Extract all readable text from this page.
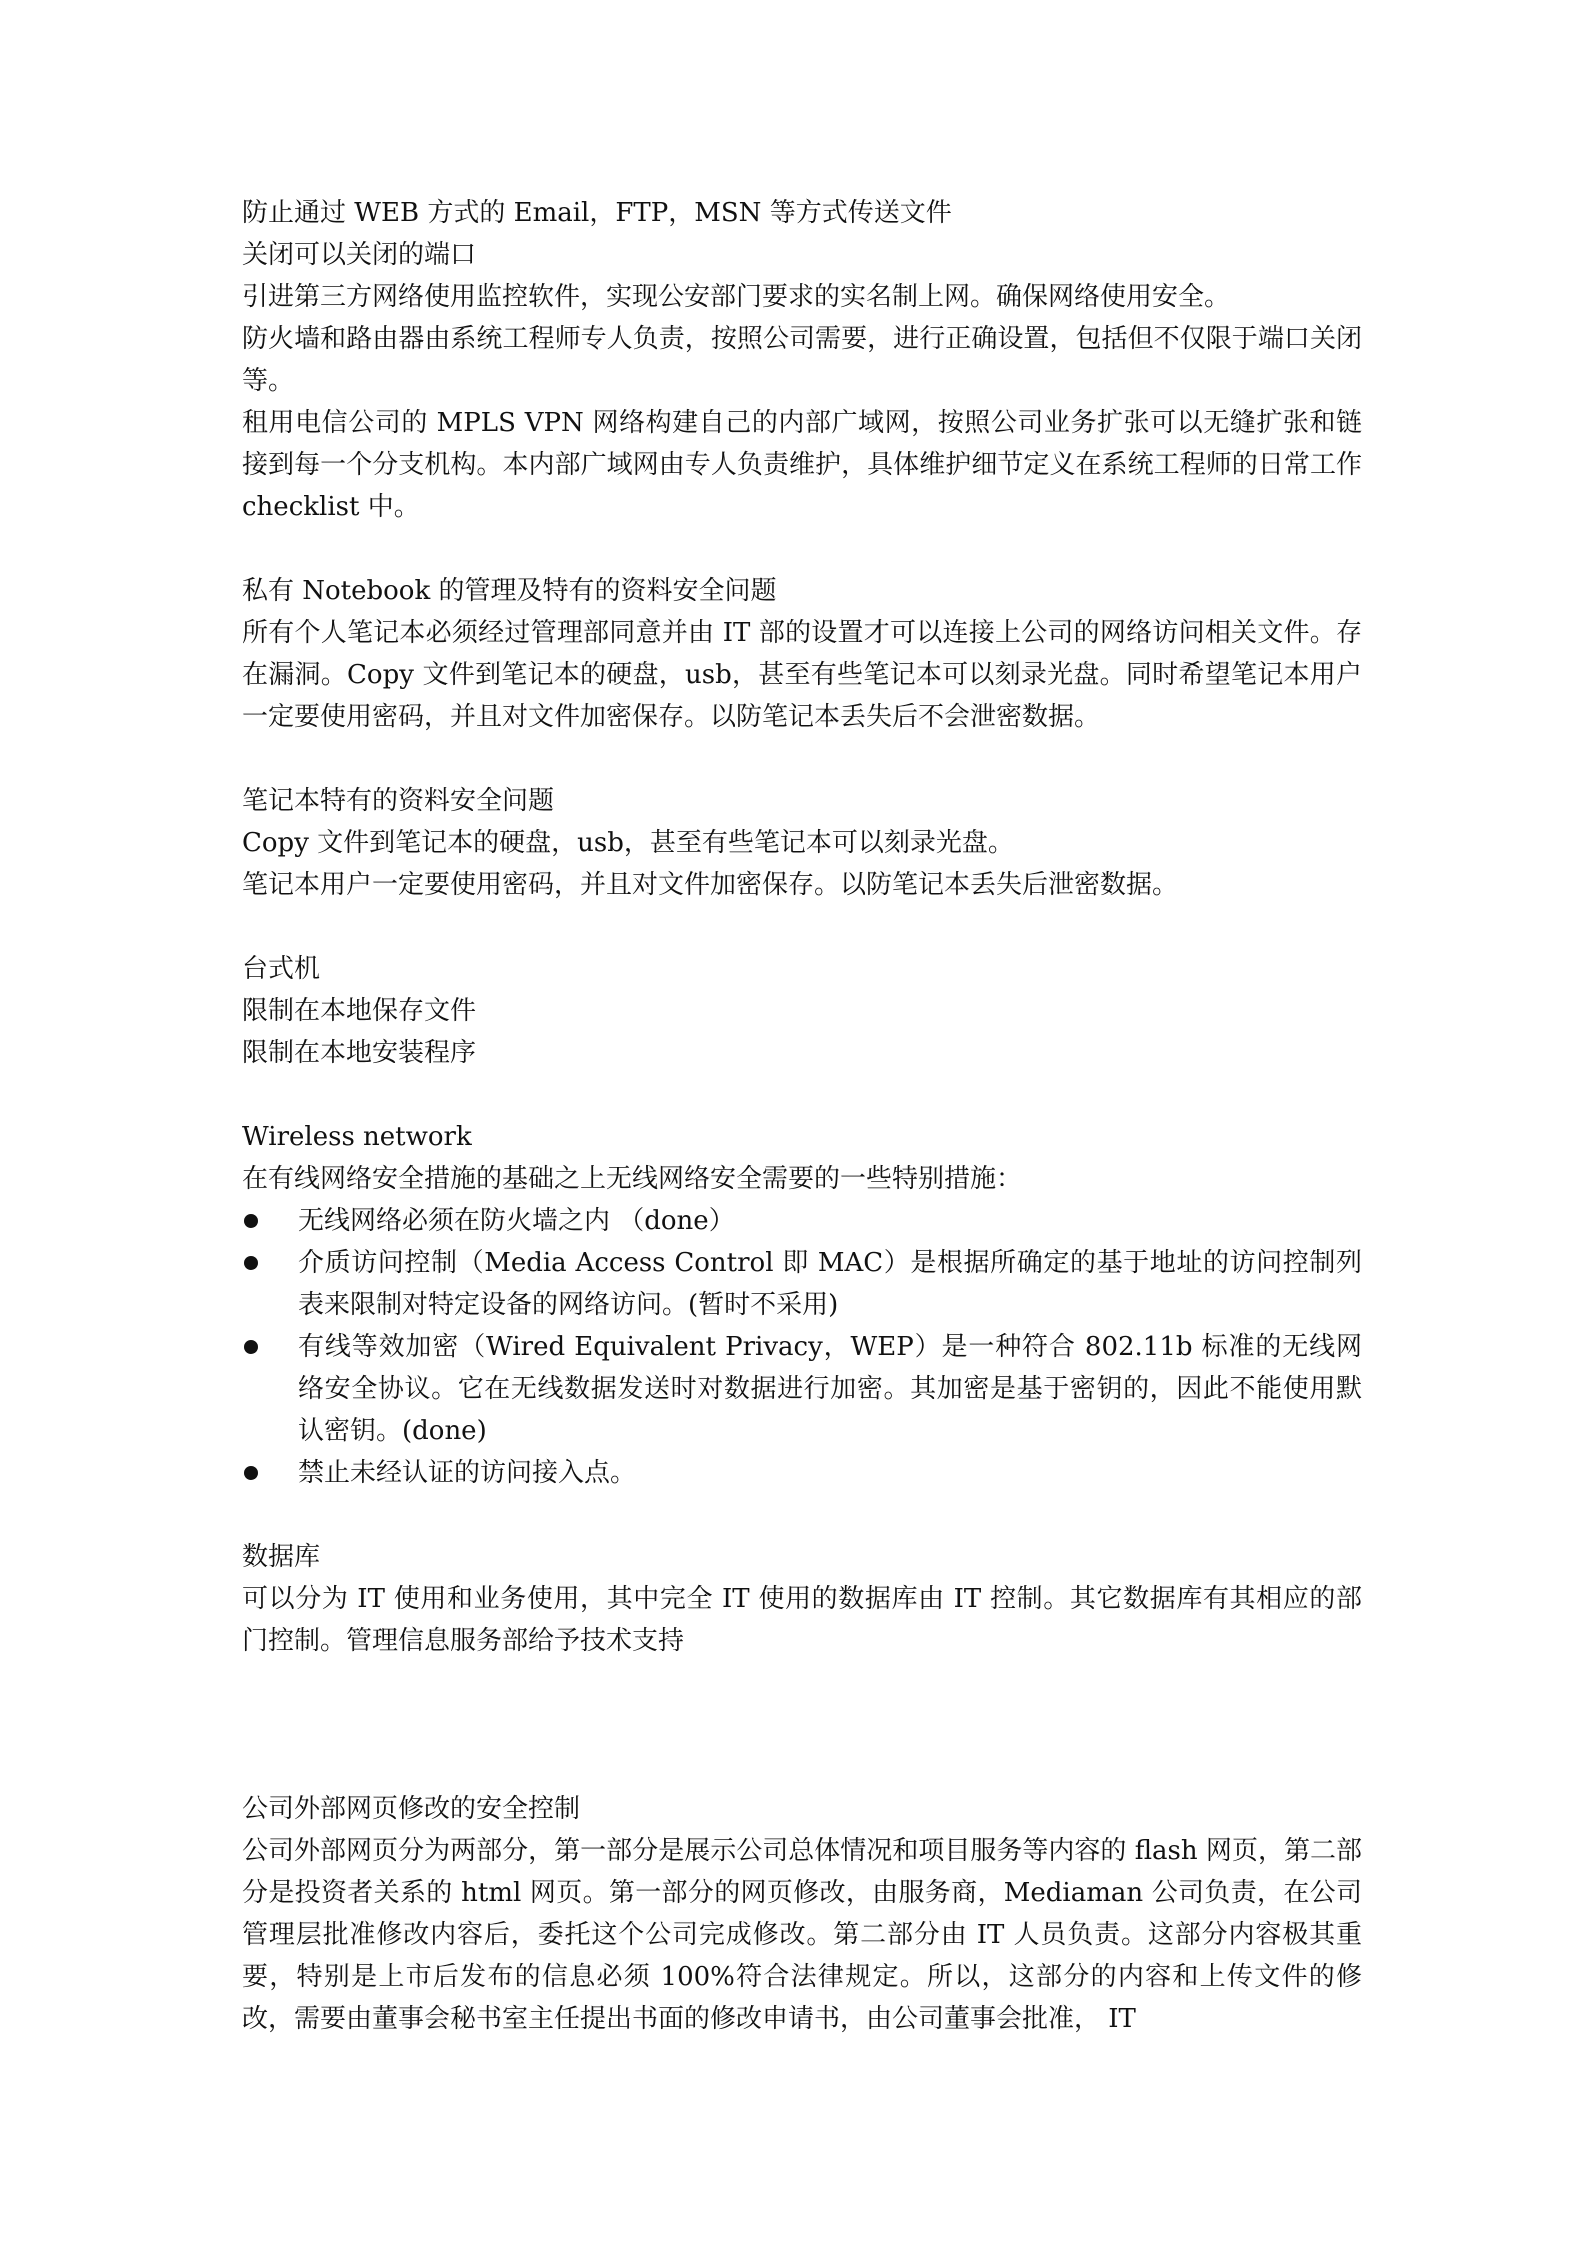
防止通过 WEB 方式的 Email，FTP，MSN 等方式传送文件

关闭可以关闭的端口

引进第三方网络使用监控软件，实现公安部门要求的实名制上网。确保网络使用安全。

防火墙和路由器由系统工程师专人负责，按照公司需要，进行正确设置，包括但不仅限于端口关闭等。

租用电信公司的 MPLS VPN 网络构建自己的内部广域网，按照公司业务扩张可以无缝扩张和链接到每一个分支机构。本内部广域网由专人负责维护，具体维护细节定义在系统工程师的日常工作 checklist 中。

私有 Notebook 的管理及特有的资料安全问题

所有个人笔记本必须经过管理部同意并由 IT 部的设置才可以连接上公司的网络访问相关文件。存在漏洞。Copy 文件到笔记本的硬盘，usb，甚至有些笔记本可以刻录光盘。同时希望笔记本用户一定要使用密码，并且对文件加密保存。以防笔记本丢失后不会泄密数据。

笔记本特有的资料安全问题

Copy 文件到笔记本的硬盘，usb，甚至有些笔记本可以刻录光盘。

笔记本用户一定要使用密码，并且对文件加密保存。以防笔记本丢失后泄密数据。

台式机

限制在本地保存文件

限制在本地安装程序

Wireless network

在有线网络安全措施的基础之上无线网络安全需要的一些特别措施：

无线网络必须在防火墙之内 （done）
介质访问控制（Media Access Control 即 MAC）是根据所确定的基于地址的访问控制列表来限制对特定设备的网络访问。(暂时不采用)
有线等效加密（Wired Equivalent Privacy，WEP）是一种符合 802.11b 标准的无线网络安全协议。它在无线数据发送时对数据进行加密。其加密是基于密钥的，因此不能使用默认密钥。(done)
禁止未经认证的访问接入点。

数据库

可以分为 IT 使用和业务使用，其中完全 IT 使用的数据库由 IT 控制。其它数据库有其相应的部门控制。管理信息服务部给予技术支持

公司外部网页修改的安全控制

公司外部网页分为两部分，第一部分是展示公司总体情况和项目服务等内容的 flash 网页，第二部分是投资者关系的 html 网页。第一部分的网页修改，由服务商，Mediaman 公司负责，在公司管理层批准修改内容后，委托这个公司完成修改。第二部分由 IT 人员负责。这部分内容极其重要，特别是上市后发布的信息必须 100%符合法律规定。所以，这部分的内容和上传文件的修改，需要由董事会秘书室主任提出书面的修改申请书，由公司董事会批准， IT
